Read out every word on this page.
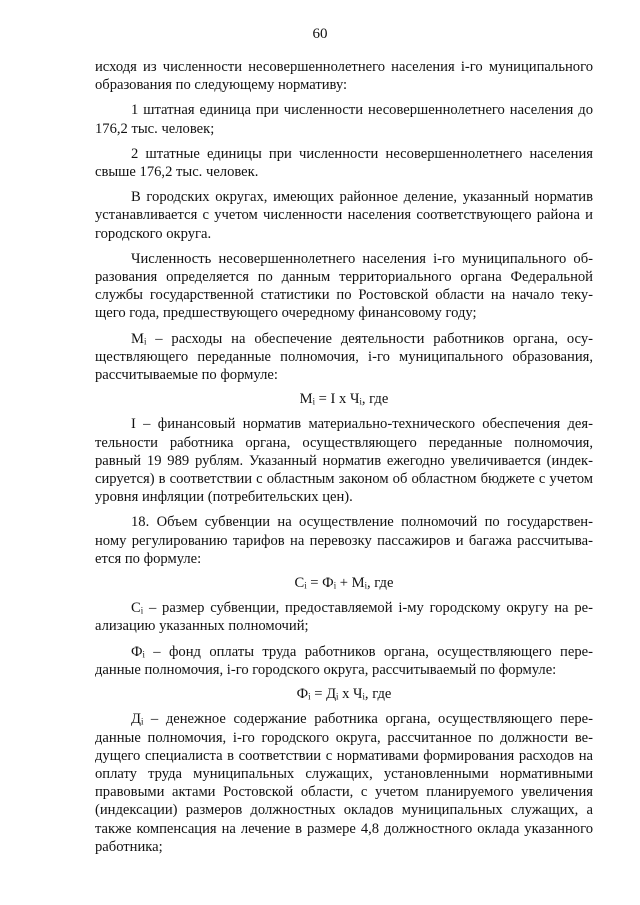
60

исходя из численности несовершеннолетнего населения i-го муниципального образования по следующему нормативу:

1 штатная единица при численности несовершеннолетнего населения до 176,2 тыс. человек;

2 штатные единицы при численности несовершеннолетнего населения свыше 176,2 тыс. человек.

В городских округах, имеющих районное деление, указанный норматив устанавливается с учетом численности населения соответствующего района и городского округа.

Численность несовершеннолетнего населения i-го муниципального образования определяется по данным территориального органа Федеральной службы государственной статистики по Ростовской области на начало текущего года, предшествующего очередному финансовому году;

Мᵢ – расходы на обеспечение деятельности работников органа, осуществляющего переданные полномочия, i-го муниципального образования, рассчитываемые по формуле:

Мᵢ = I х Чᵢ, где

I – финансовый норматив материально-технического обеспечения деятельности работника органа, осуществляющего переданные полномочия, равный 19 989 рублям. Указанный норматив ежегодно увеличивается (индексируется) в соответствии с областным законом об областном бюджете с учетом уровня инфляции (потребительских цен).

18. Объем субвенции на осуществление полномочий по государственному регулированию тарифов на перевозку пассажиров и багажа рассчитывается по формуле:

Сᵢ = Фᵢ + Мᵢ, где

Сᵢ – размер субвенции, предоставляемой i-му городскому округу на реализацию указанных полномочий;

Фᵢ – фонд оплаты труда работников органа, осуществляющего переданные полномочия, i-го городского округа, рассчитываемый по формуле:

Фᵢ = Дᵢ х Чᵢ, где

Дᵢ – денежное содержание работника органа, осуществляющего переданные полномочия, i-го городского округа, рассчитанное по должности ведущего специалиста в соответствии с нормативами формирования расходов на оплату труда муниципальных служащих, установленными нормативными правовыми актами Ростовской области, с учетом планируемого увеличения (индексации) размеров должностных окладов муниципальных служащих, а также компенсация на лечение в размере 4,8 должностного оклада указанного работника;
